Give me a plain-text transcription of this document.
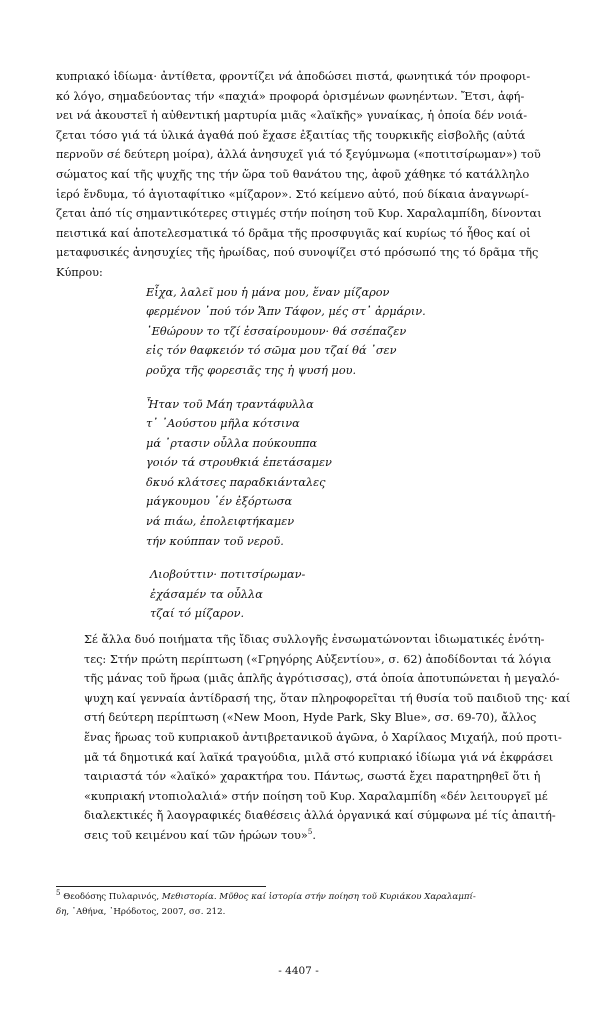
κυπριακό ἰδίωμα· ἀντίθετα, φροντίζει νά ἀποδώσει πιστά, φωνητικά τόν προφορι-
κό λόγο, σημαδεύοντας τήν «παχιά» προφορά ὁρισμένων φωνηέντων. Ἔτσι, ἀφή-
νει νά ἀκουστεῖ ἡ αὐθεντική μαρτυρία μιᾶς «λαϊκῆς» γυναίκας, ἡ ὁποία δέν νοιά-
ζεται τόσο γιά τά ὑλικά ἀγαθά πού ἔχασε ἐξαιτίας τῆς τουρκικῆς εἰσβολῆς (αὐτά
περνοῦν σέ δεύτερη μοίρα), ἀλλά ἀνησυχεῖ γιά τό ξεγύμνωμα («ποτιτσίρωμαν») τοῦ
σώματος καί τῆς ψυχῆς της τήν ὥρα τοῦ θανάτου της, ἀφοῦ χάθηκε τό κατάλληλο
ἱερό ἔνδυμα, τό ἁγιοταφίτικο «μίζαρον». Στό κείμενο αὐτό, πού δίκαια ἀναγνωρί-
ζεται ἀπό τίς σημαντικότερες στιγμές στήν ποίηση τοῦ Κυρ. Χαραλαμπίδη, δίνονται
πειστικά καί ἀποτελεσματικά τό δρᾶμα τῆς προσφυγιᾶς καί κυρίως τό ἦθος καί οἱ
μεταφυσικές ἀνησυχίες τῆς ἡρωίδας, πού συνοψίζει στό πρόσωπό της τό δρᾶμα τῆς
Κύπρου:

Εἶχα, λαλεῖ μου ἡ μάνα μου, ἕναν μίζαρον
φερμένον ᾿πού τόν Ἅπν Τάφον, μές στ᾿ ἀρμάριν.
᾿Εθώρουν το τζί ἐσσαίρουμουν· θά σσέπαζεν
εἰς τόν θαφκειόν τό σῶμα μου τζαί θά ᾿σεν
ροῦχα τῆς φορεσιᾶς της ἡ ψυσή μου.
Ἦταν τοῦ Μάη τραντάφυλλα
τ᾿ ᾿Αούστου μῆλα κότσινα
μά ᾿ρτασιν οὗλλα πούκουππα
γοιόν τά στρουθκιά ἐπετάσαμεν
δκυό κλάτσες παραδκιάνταλες
μάγκουμου ᾿έν ἐξόρτωσα
νά πιάω, ἐπολειφτήκαμεν
τήν κούππαν τοῦ νεροῦ.
Λιοβούττιν· ποτιτσίρωμαν-
ἐχάσαμέν τα οὗλλα
τζαί τό μίζαρον.

Σέ ἄλλα δυό ποιήματα τῆς ἴδιας συλλογῆς ἐνσωματώνονται ἰδιωματικές ἑνότη-
τες: Στήν πρώτη περίπτωση («Γρηγόρης Αὐξεντίου», σ. 62) ἀποδίδονται τά λόγια
τῆς μάνας τοῦ ἥρωα (μιᾶς ἁπλῆς ἀγρότισσας), στά ὁποία ἀποτυπώνεται ἡ μεγαλό-
ψυχη καί γενναία ἀντίδρασή της, ὅταν πληροφορεῖται τή θυσία τοῦ παιδιοῦ της· καί
στή δεύτερη περίπτωση («New Moon, Hyde Park, Sky Blue», σσ. 69-70), ἄλλος
ἕνας ἥρωας τοῦ κυπριακοῦ ἀντιβρετανικοῦ ἀγῶνα, ὁ Χαρίλαος Μιχαήλ, πού προτι-
μᾶ τά δημοτικά καί λαϊκά τραγούδια, μιλᾶ στό κυπριακό ἰδίωμα γιά νά ἐκφράσει
ταιριαστά τόν «λαϊκό» χαρακτήρα του. Πάντως, σωστά ἔχει παρατηρηθεῖ ὅτι ἡ
«κυπριακή ντοπιολαλιά» στήν ποίηση τοῦ Κυρ. Χαραλαμπίδη «δέν λειτουργεῖ μέ
διαλεκτικές ἤ λαογραφικές διαθέσεις ἀλλά ὀργανικά καί σύμφωνα μέ τίς ἀπαιτή-
σεις τοῦ κειμένου καί τῶν ἡρώων του»$^5$.

$^5$ Θεοδόσης Πυλαρινός, Μεθιστορία. Μῦθος καί ἱστορία στήν ποίηση τοῦ Κυριάκου Χαραλαμπί-
δη, ᾿Αθήνα, ῾Ηρόδοτος, 2007, σσ. 212.
- 4407 -
